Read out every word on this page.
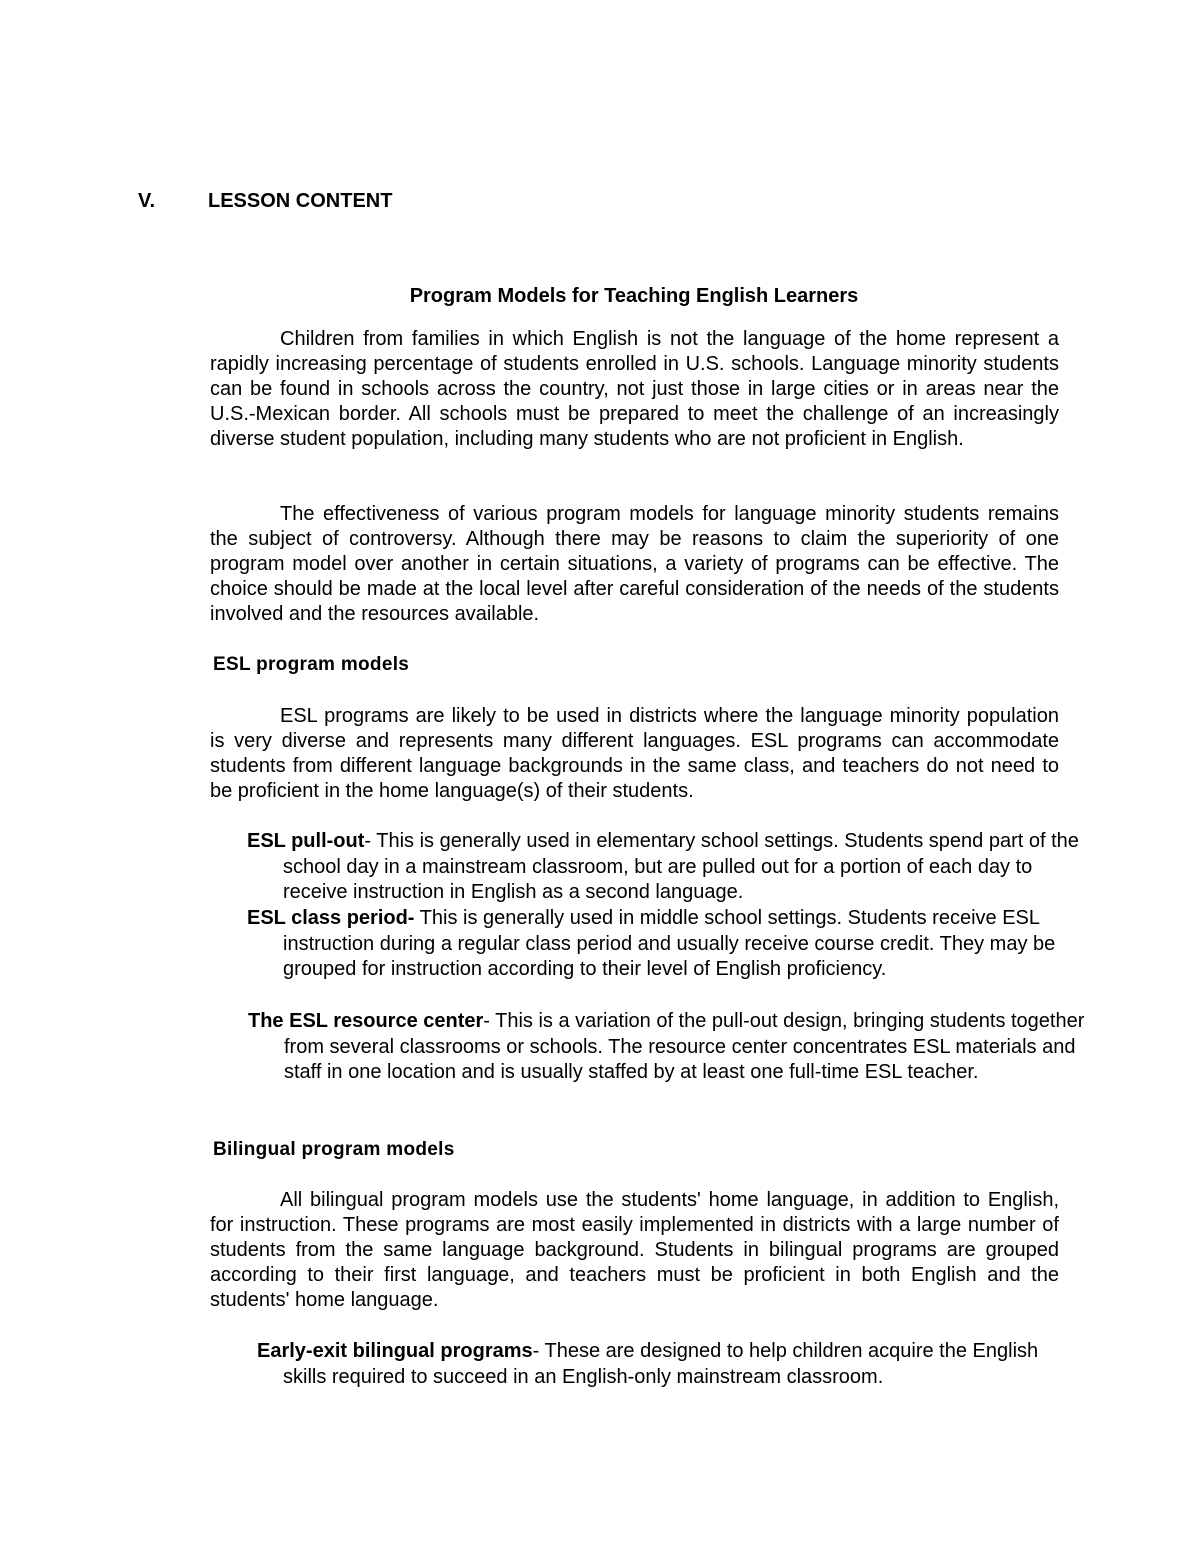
V.	LESSON CONTENT
Program Models for Teaching English Learners

Children from families in which English is not the language of the home represent a rapidly increasing percentage of students enrolled in U.S. schools. Language minority students can be found in schools across the country, not just those in large cities or in areas near the U.S.-Mexican border. All schools must be prepared to meet the challenge of an increasingly diverse student population, including many students who are not proficient in English.

The effectiveness of various program models for language minority students remains the subject of controversy. Although there may be reasons to claim the superiority of one program model over another in certain situations, a variety of programs can be effective. The choice should be made at the local level after careful consideration of the needs of the students involved and the resources available.

ESL program models

ESL programs are likely to be used in districts where the language minority population is very diverse and represents many different languages. ESL programs can accommodate students from different language backgrounds in the same class, and teachers do not need to be proficient in the home language(s) of their students.

ESL pull-out- This is generally used in elementary school settings. Students spend part of the school day in a mainstream classroom, but are pulled out for a portion of each day to receive instruction in English as a second language.

ESL class period- This is generally used in middle school settings. Students receive ESL instruction during a regular class period and usually receive course credit. They may be grouped for instruction according to their level of English proficiency.

The ESL resource center- This is a variation of the pull-out design, bringing students together from several classrooms or schools. The resource center concentrates ESL materials and staff in one location and is usually staffed by at least one full-time ESL teacher.

Bilingual program models

All bilingual program models use the students' home language, in addition to English, for instruction. These programs are most easily implemented in districts with a large number of students from the same language background. Students in bilingual programs are grouped according to their first language, and teachers must be proficient in both English and the students' home language.

Early-exit bilingual programs- These are designed to help children acquire the English skills required to succeed in an English-only mainstream classroom.
